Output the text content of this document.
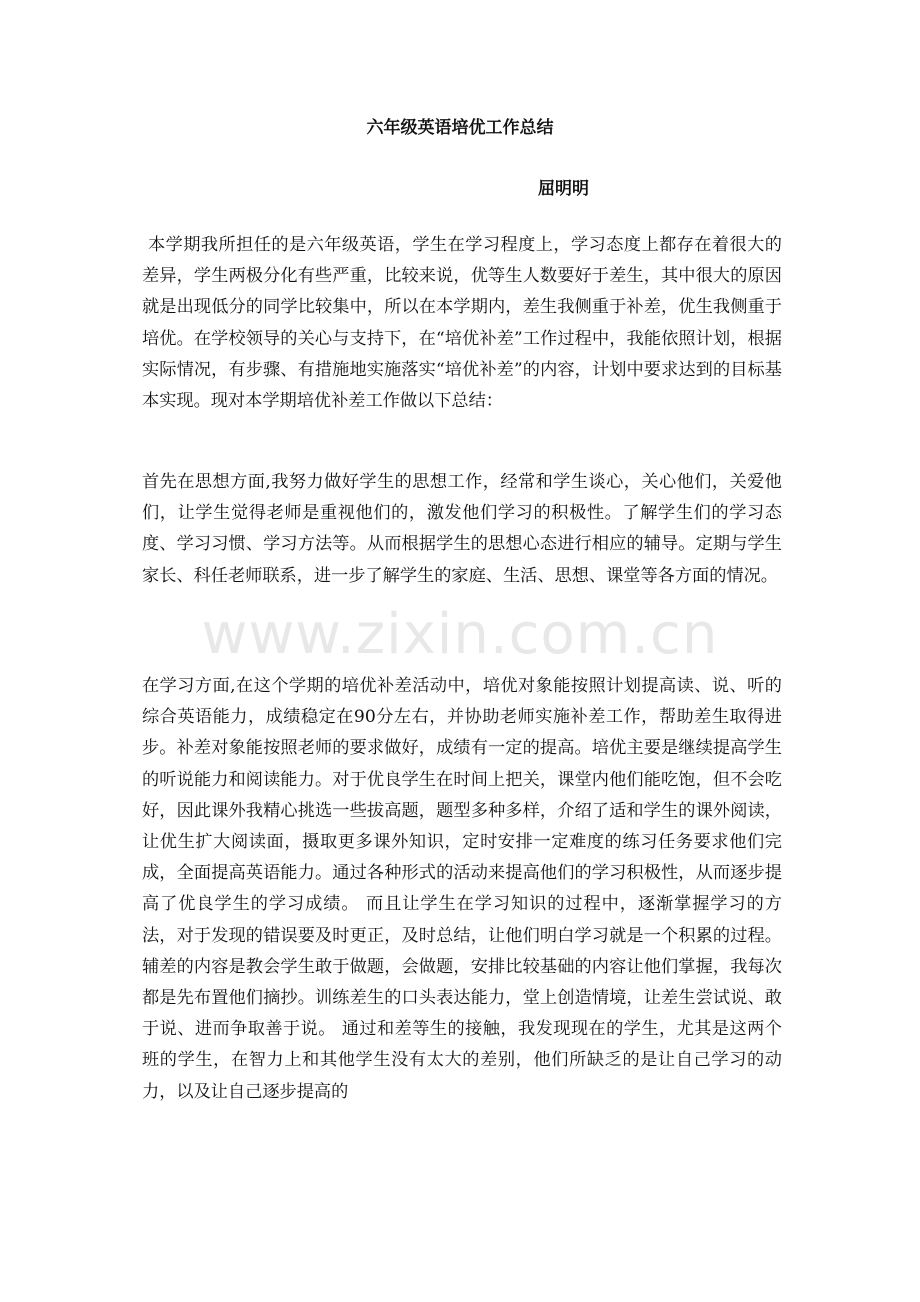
六年级英语培优工作总结
屈明明

本学期我所担任的是六年级英语，学生在学习程度上，学习态度上都存在着很大的差异，学生两极分化有些严重，比较来说，优等生人数要好于差生，其中很大的原因就是出现低分的同学比较集中，所以在本学期内，差生我侧重于补差，优生我侧重于培优。在学校领导的关心与支持下，在“培优补差”工作过程中，我能依照计划，根据实际情况，有步骤、有措施地实施落实“培优补差”的内容，计划中要求达到的目标基本实现。现对本学期培优补差工作做以下总结：

首先在思想方面,我努力做好学生的思想工作，经常和学生谈心，关心他们，关爱他们，让学生觉得老师是重视他们的，激发他们学习的积极性。了解学生们的学习态度、学习习惯、学习方法等。从而根据学生的思想心态进行相应的辅导。定期与学生家长、科任老师联系，进一步了解学生的家庭、生活、思想、课堂等各方面的情况。

在学习方面,在这个学期的培优补差活动中，培优对象能按照计划提高读、说、听的综合英语能力，成绩稳定在90分左右，并协助老师实施补差工作，帮助差生取得进步。补差对象能按照老师的要求做好，成绩有一定的提高。培优主要是继续提高学生的听说能力和阅读能力。对于优良学生在时间上把关，课堂内他们能吃饱，但不会吃好，因此课外我精心挑选一些拔高题，题型多种多样，介绍了适和学生的课外阅读，让优生扩大阅读面，摄取更多课外知识，定时安排一定难度的练习任务要求他们完成，全面提高英语能力。通过各种形式的活动来提高他们的学习积极性，从而逐步提高了优良学生的学习成绩。 而且让学生在学习知识的过程中，逐渐掌握学习的方法，对于发现的错误要及时更正，及时总结，让他们明白学习就是一个积累的过程。辅差的内容是教会学生敢于做题，会做题，安排比较基础的内容让他们掌握，我每次都是先布置他们摘抄。训练差生的口头表达能力，堂上创造情境，让差生尝试说、敢于说、进而争取善于说。 通过和差等生的接触，我发现现在的学生，尤其是这两个班的学生，在智力上和其他学生没有太大的差别，他们所缺乏的是让自己学习的动力，以及让自己逐步提高的

www.zixin.com.cn
